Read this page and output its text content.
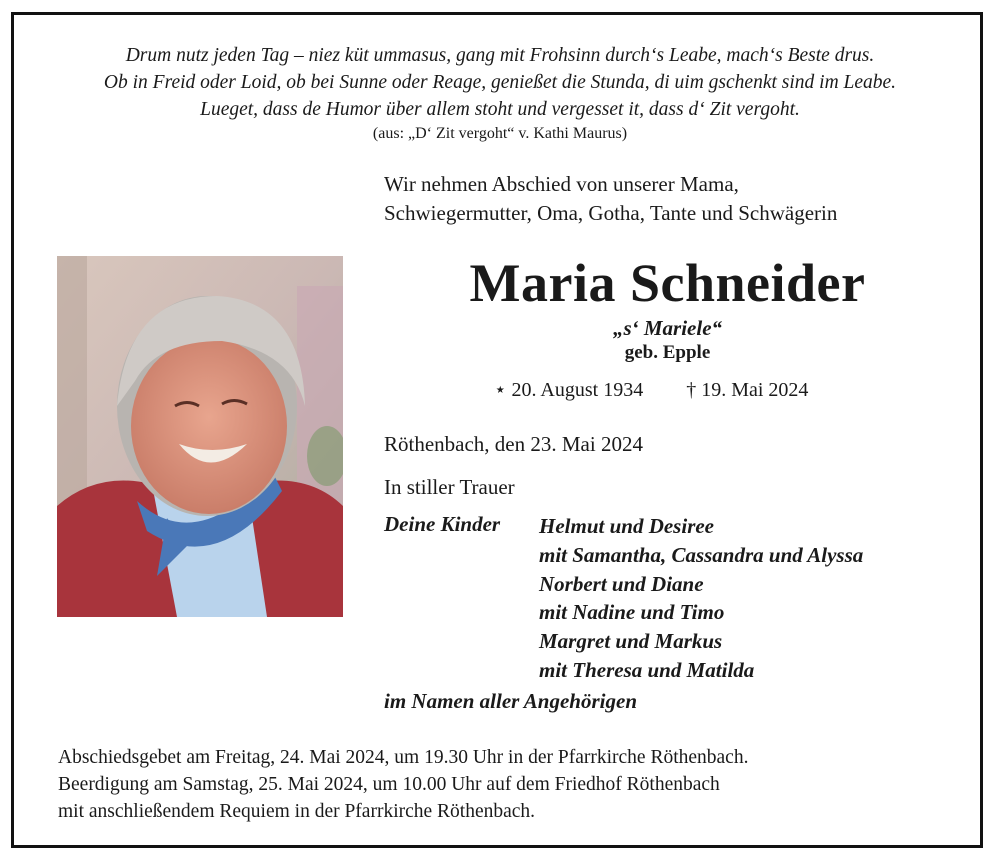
Drum nutz jeden Tag – niez küt ummasus, gang mit Frohsinn durch‘s Leabe, mach‘s Beste drus.
Ob in Freid oder Loid, ob bei Sunne oder Reage, genießet die Stunda, di uim gschenkt sind im Leabe.
Lueget, dass de Humor über allem stoht und vergesset it, dass d‘ Zit vergoht.
(aus: „D‘ Zit vergoht“ v. Kathi Maurus)
Wir nehmen Abschied von unserer Mama,
Schwiegermutter, Oma, Gotha, Tante und Schwägerin
Maria Schneider
„s‘ Mariele“
geb. Epple
⋆ 20. August 1934 † 19. Mai 2024
Röthenbach, den 23. Mai 2024
In stiller Trauer
Deine Kinder Helmut und Desiree
mit Samantha, Cassandra und Alyssa
Norbert und Diane
mit Nadine und Timo
Margret und Markus
mit Theresa und Matilda
im Namen aller Angehörigen
Abschiedsgebet am Freitag, 24. Mai 2024, um 19.30 Uhr in der Pfarrkirche Röthenbach.
Beerdigung am Samstag, 25. Mai 2024, um 10.00 Uhr auf dem Friedhof Röthenbach
mit anschließendem Requiem in der Pfarrkirche Röthenbach.
